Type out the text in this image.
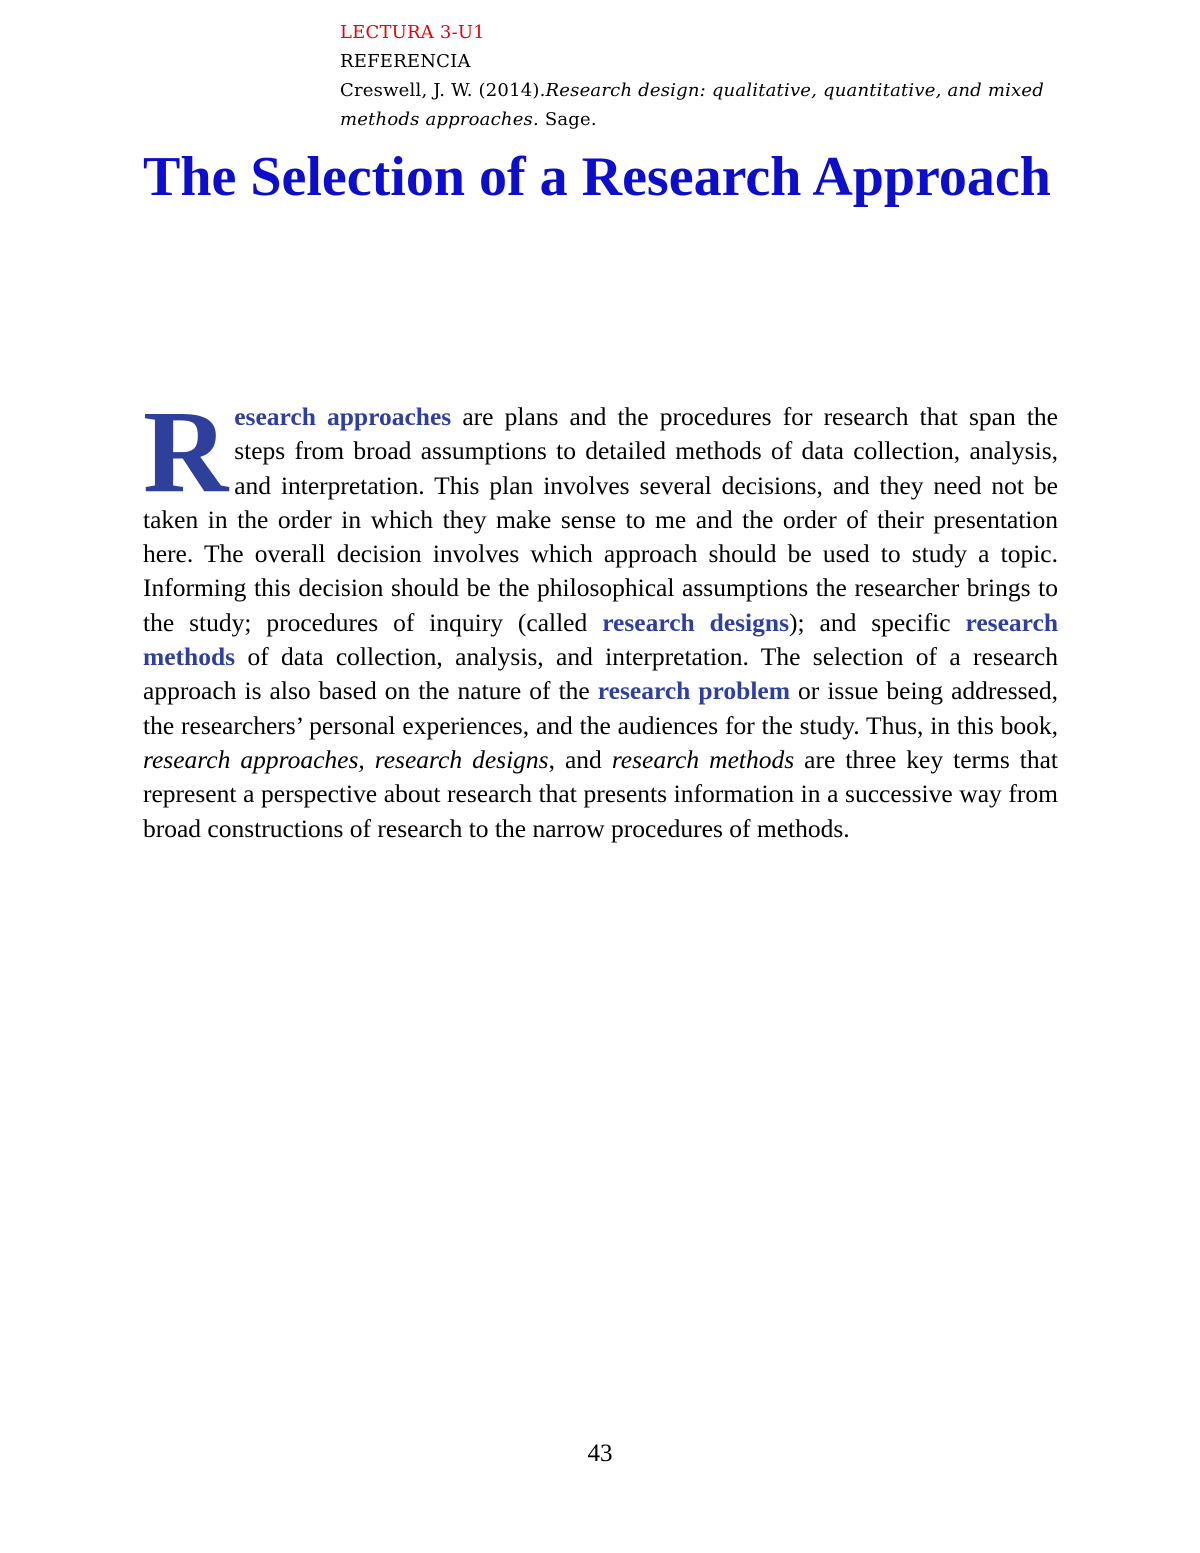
LECTURA 3-U1
REFERENCIA
Creswell, J. W. (2014).Research design: qualitative, quantitative, and mixed methods approaches. Sage.
The Selection of a Research Approach

Research approaches are plans and the procedures for research that span the steps from broad assumptions to detailed methods of data collection, analysis, and interpretation. This plan involves several decisions, and they need not be taken in the order in which they make sense to me and the order of their presentation here. The overall decision involves which approach should be used to study a topic. Informing this decision should be the philosophical assumptions the researcher brings to the study; procedures of inquiry (called research designs); and specific research methods of data collection, analysis, and interpretation. The selection of a research approach is also based on the nature of the research problem or issue being addressed, the researchers’ personal experiences, and the audiences for the study. Thus, in this book, research approaches, research designs, and research methods are three key terms that represent a perspective about research that presents information in a successive way from broad constructions of research to the narrow procedures of methods.

43
